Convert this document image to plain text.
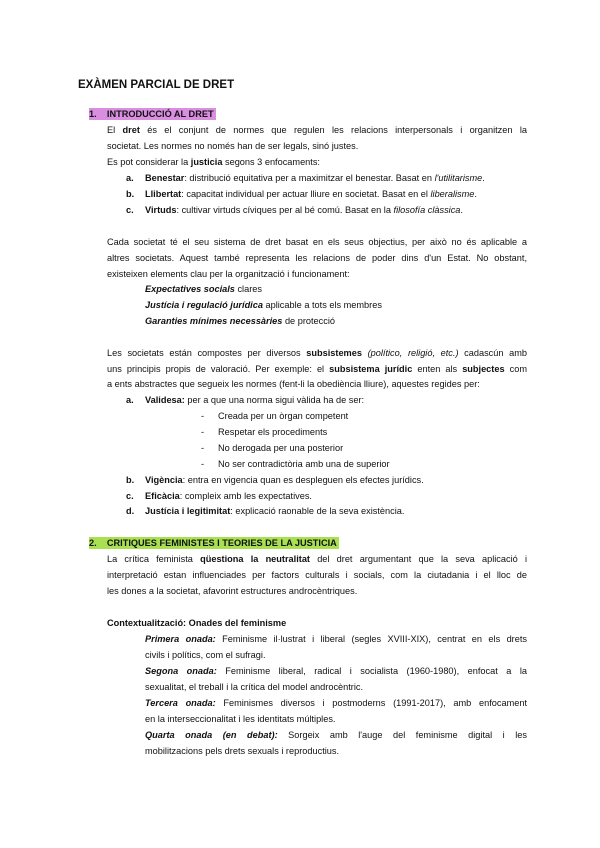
EXÀMEN PARCIAL DE DRET
1. INTRODUCCIÓ AL DRET
El dret és el conjunt de normes que regulen les relacions interpersonals i organitzen la
societat. Les normes no només han de ser legals, sinó justes.
Es pot considerar la justicia segons 3 enfocaments:
a. Benestar: distribució equitativa per a maximitzar el benestar. Basat en l'utilitarisme.
b. Llibertat: capacitat individual per actuar lliure en societat. Basat en el liberalisme.
c. Virtuds: cultivar virtuds cíviques per al bé comú. Basat en la filosofía clàssica.
Cada societat té el seu sistema de dret basat en els seus objectius, per això no és aplicable a
altres societats. Aquest també representa les relacions de poder dins d'un Estat. No obstant,
existeixen elements clau per la organització i funcionament:
Expectatives socials clares
Justícia i regulació jurídica aplicable a tots els membres
Garanties mínimes necessàries de protecció
Les societats están compostes per diversos subsistemes (político, religió, etc.) cadascún amb
uns principis propis de valoració. Per exemple: el subsistema jurídic enten als subjectes com
a ents abstractes que segueix les normes (fent-li la obediència lliure), aquestes regides per:
a. Validesa: per a que una norma sigui vàlida ha de ser:
- Creada per un òrgan competent
- Respetar els procediments
- No derogada per una posterior
- No ser contradictòria amb una de superior
b. Vigència: entra en vigencia quan es despleguen els efectes jurídics.
c. Eficàcia: compleix amb les expectatives.
d. Justícia i legitimitat: explicació raonable de la seva existència.
2. CRITIQUES FEMINISTES I TEORIES DE LA JUSTICIA
La crítica feminista qüestiona la neutralitat del dret argumentant que la seva aplicació i
interpretació estan influenciades per factors culturals i socials, com la ciutadania i el lloc de
les dones a la societat, afavorint estructures androcèntriques.
Contextualització: Onades del feminisme
Primera onada: Feminisme il·lustrat i liberal (segles XVIII-XIX), centrat en els drets
civils i polítics, com el sufragi.
Segona onada: Feminisme liberal, radical i socialista (1960-1980), enfocat a la
sexualitat, el treball i la crítica del model androcèntric.
Tercera onada: Feminismes diversos i postmoderns (1991-2017), amb enfocament
en la interseccionalitat i les identitats múltiples.
Quarta onada (en debat): Sorgeix amb l'auge del feminisme digital i les
mobilitzacions pels drets sexuals i reproductius.
